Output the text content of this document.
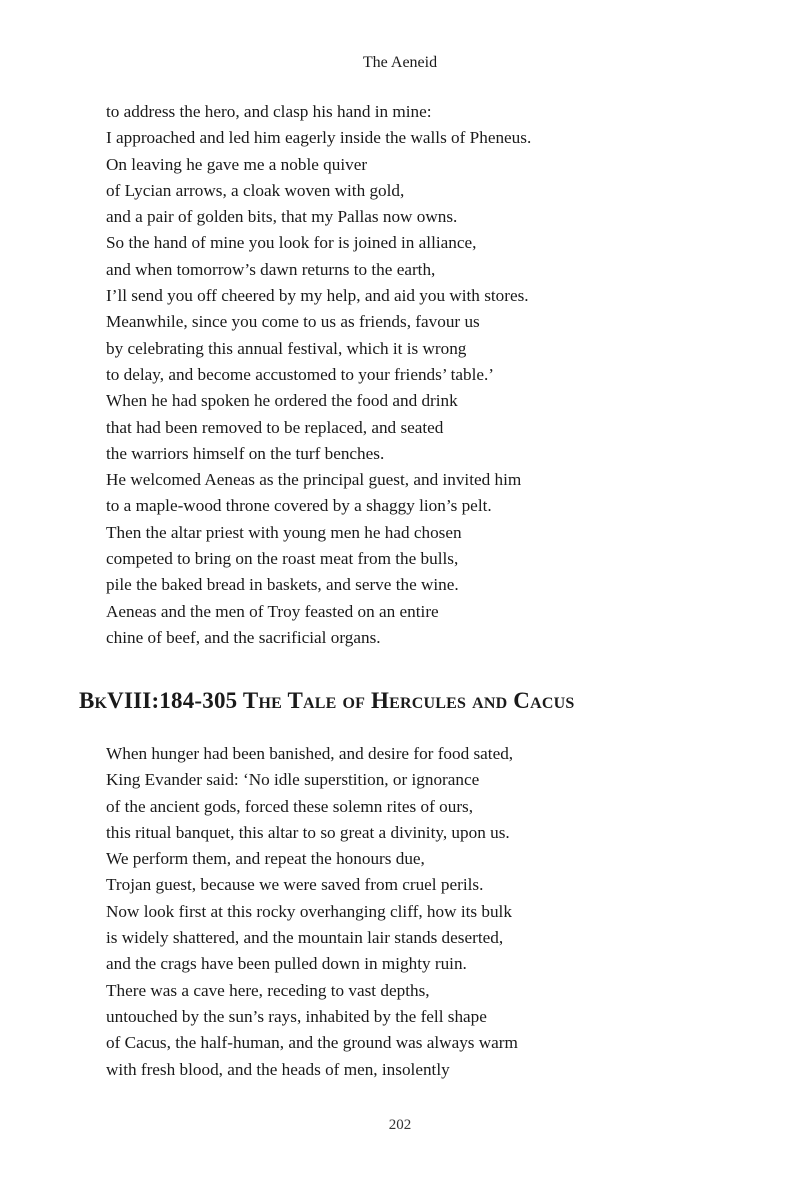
The Aeneid
to address the hero, and clasp his hand in mine:
I approached and led him eagerly inside the walls of Pheneus.
On leaving he gave me a noble quiver
of Lycian arrows, a cloak woven with gold,
and a pair of golden bits, that my Pallas now owns.
So the hand of mine you look for is joined in alliance,
and when tomorrow’s dawn returns to the earth,
I’ll send you off cheered by my help, and aid you with stores.
Meanwhile, since you come to us as friends, favour us
by celebrating this annual festival, which it is wrong
to delay, and become accustomed to your friends’ table.’
When he had spoken he ordered the food and drink
that had been removed to be replaced, and seated
the warriors himself on the turf benches.
He welcomed Aeneas as the principal guest, and invited him
to a maple-wood throne covered by a shaggy lion’s pelt.
Then the altar priest with young men he had chosen
competed to bring on the roast meat from the bulls,
pile the baked bread in baskets, and serve the wine.
Aeneas and the men of Troy feasted on an entire
chine of beef, and the sacrificial organs.
BkVIII:184-305 The Tale of Hercules and Cacus
When hunger had been banished, and desire for food sated,
King Evander said: ‘No idle superstition, or ignorance
of the ancient gods, forced these solemn rites of ours,
this ritual banquet, this altar to so great a divinity, upon us.
We perform them, and repeat the honours due,
Trojan guest, because we were saved from cruel perils.
Now look first at this rocky overhanging cliff, how its bulk
is widely shattered, and the mountain lair stands deserted,
and the crags have been pulled down in mighty ruin.
There was a cave here, receding to vast depths,
untouched by the sun’s rays, inhabited by the fell shape
of Cacus, the half-human, and the ground was always warm
with fresh blood, and the heads of men, insolently
202
